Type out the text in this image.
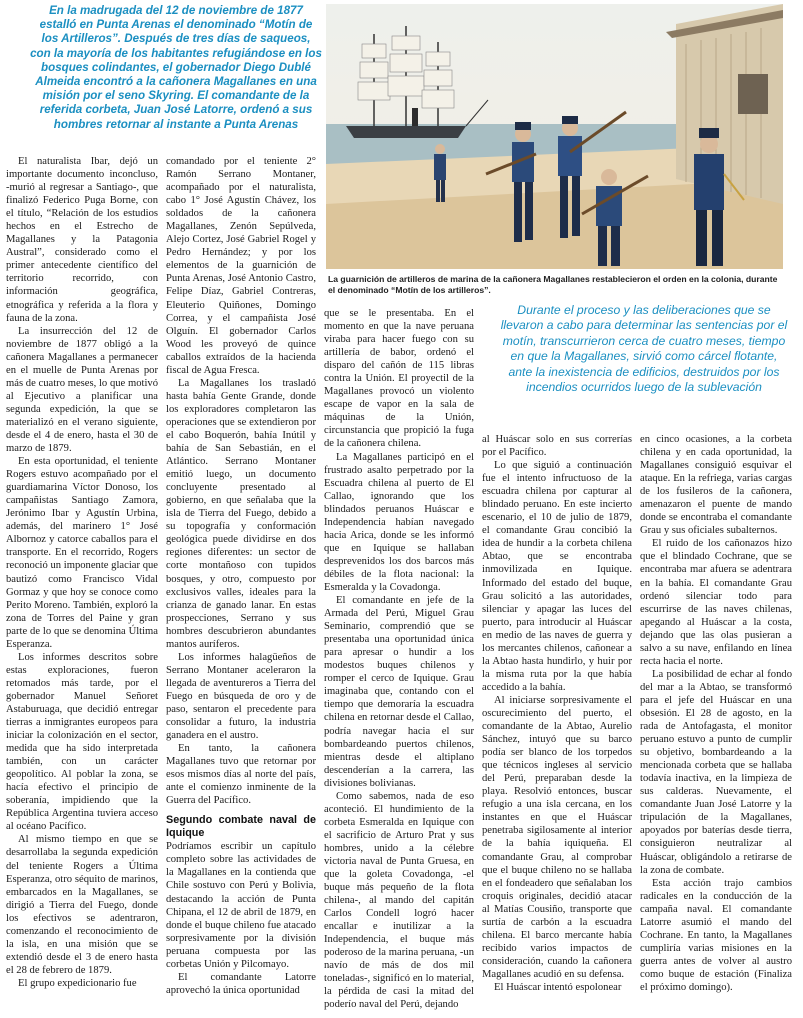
En la madrugada del 12 de noviembre de 1877 estalló en Punta Arenas el denominado “Motín de los Artilleros”. Después de tres días de saqueos, con la mayoría de los habitantes refugiándose en los bosques colindantes, el gobernador Diego Dublé Almeida encontró a la cañonera Magallanes en una misión por el seno Skyring. El comandante de la referida corbeta, Juan José Latorre, ordenó a sus hombres retornar al instante a Punta Arenas

La guarnición de artilleros de marina de la cañonera Magallanes restablecieron el orden en la colonia, durante el denominado “Motín de los artilleros”.

Durante el proceso y las deliberaciones que se llevaron a cabo para determinar las sentencias por el motín, transcurrieron cerca de cuatro meses, tiempo en que la Magallanes, sirvió como cárcel flotante, ante la inexistencia de edificios, destruidos por los incendios ocurridos luego de la sublevación

El naturalista Ibar, dejó un importante documento inconcluso, -murió al regresar a Santiago-, que finalizó Federico Puga Borne, con el título, “Relación de los estudios hechos en el Estrecho de Magallanes y la Patagonia Austral”, considerado como el primer antecedente científico del territorio recorrido, con información geográfica, etnográfica y referida a la flora y fauna de la zona.

La insurrección del 12 de noviembre de 1877 obligó a la cañonera Magallanes a permanecer en el muelle de Punta Arenas por más de cuatro meses, lo que motivó al Ejecutivo a planificar una segunda expedición, la que se materializó en el verano siguiente, desde el 4 de enero, hasta el 30 de marzo de 1879.

En esta oportunidad, el teniente Rogers estuvo acompañado por el guardiamarina Víctor Donoso, los campañistas Santiago Zamora, Jerónimo Ibar y Agustín Urbina, además, del marinero 1° José Albornoz y catorce caballos para el transporte. En el recorrido, Rogers reconoció un imponente glaciar que bautizó como Francisco Vidal Gormaz y que hoy se conoce como Perito Moreno. También, exploró la zona de Torres del Paine y gran parte de lo que se denomina Última Esperanza.

Los informes descritos sobre estas exploraciones, fueron retomados más tarde, por el gobernador Manuel Señoret Astaburuaga, que decidió entregar tierras a inmigrantes europeos para iniciar la colonización en el sector, medida que ha sido interpretada también, con un carácter geopolítico. Al poblar la zona, se hacía efectivo el principio de soberanía, impidiendo que la República Argentina tuviera acceso al océano Pacífico.

Al mismo tiempo en que se desarrollaba la segunda expedición del teniente Rogers a Última Esperanza, otro séquito de marinos, embarcados en la Magallanes, se dirigió a Tierra del Fuego, donde los efectivos se adentraron, comenzando el reconocimiento de la isla, en una misión que se extendió desde el 3 de enero hasta el 28 de febrero de 1879.

El grupo expedicionario fue

comandado por el teniente 2° Ramón Serrano Montaner, acompañado por el naturalista, cabo 1° José Agustín Chávez, los soldados de la cañonera Magallanes, Zenón Sepúlveda, Alejo Cortez, José Gabriel Rogel y Pedro Hernández; y por los elementos de la guarnición de Punta Arenas, José Antonio Castro, Felipe Díaz, Gabriel Contreras, Eleuterio Quiñones, Domingo Correa, y el campañista José Olguín. El gobernador Carlos Wood les proveyó de quince caballos extraídos de la hacienda fiscal de Agua Fresca.

La Magallanes los trasladó hasta bahía Gente Grande, donde los exploradores completaron las operaciones que se extendieron por el cabo Boquerón, bahía Inútil y bahía de San Sebastián, en el Atlántico. Serrano Montaner emitió luego, un documento concluyente presentado al gobierno, en que señalaba que la isla de Tierra del Fuego, debido a su topografía y conformación geológica puede dividirse en dos regiones diferentes: un sector de corte montañoso con tupidos bosques, y otro, compuesto por exclusivos valles, ideales para la crianza de ganado lanar. En estas prospecciones, Serrano y sus hombres descubrieron abundantes mantos auríferos.

Los informes halagüeños de Serrano Montaner aceleraron la llegada de aventureros a Tierra del Fuego en búsqueda de oro y de paso, sentaron el precedente para consolidar a futuro, la industria ganadera en el austro.

En tanto, la cañonera Magallanes tuvo que retornar por esos mismos días al norte del país, ante el comienzo inminente de la Guerra del Pacífico.

Segundo combate naval de Iquique

Podríamos escribir un capítulo completo sobre las actividades de la Magallanes en la contienda que Chile sostuvo con Perú y Bolivia, destacando la acción de Punta Chipana, el 12 de abril de 1879, en donde el buque chileno fue atacado sorpresivamente por la división peruana compuesta por las corbetas Unión y Pilcomayo.

El comandante Latorre aprovechó la única oportunidad

que se le presentaba. En el momento en que la nave peruana viraba para hacer fuego con su artillería de babor, ordenó el disparo del cañón de 115 libras contra la Unión. El proyectil de la Magallanes provocó un violento escape de vapor en la sala de máquinas de la Unión, circunstancia que propició la fuga de la cañonera chilena.

La Magallanes participó en el frustrado asalto perpetrado por la Escuadra chilena al puerto de El Callao, ignorando que los blindados peruanos Huáscar e Independencia habían navegado hacia Arica, donde se les informó que en Iquique se hallaban desprevenidos los dos barcos más débiles de la flota nacional: la Esmeralda y la Covadonga.

El comandante en jefe de la Armada del Perú, Miguel Grau Seminario, comprendió que se presentaba una oportunidad única para apresar o hundir a los modestos buques chilenos y romper el cerco de Iquique. Grau imaginaba que, contando con el tiempo que demoraría la escuadra chilena en retornar desde el Callao, podría navegar hacia el sur bombardeando puertos chilenos, mientras desde el altiplano descenderían a la carrera, las divisiones bolivianas.

Como sabemos, nada de eso aconteció. El hundimiento de la corbeta Esmeralda en Iquique con el sacrificio de Arturo Prat y sus hombres, unido a la célebre victoria naval de Punta Gruesa, en que la goleta Covadonga, -el buque más pequeño de la flota chilena-, al mando del capitán Carlos Condell logró hacer encallar e inutilizar a la Independencia, el buque más poderoso de la marina peruana, -un navío de más de dos mil toneladas-, significó en lo material, la pérdida de casi la mitad del poderío naval del Perú, dejando

al Huáscar solo en sus correrías por el Pacífico.

Lo que siguió a continuación fue el intento infructuoso de la escuadra chilena por capturar al blindado peruano. En este incierto escenario, el 10 de julio de 1879, el comandante Grau concibió la idea de hundir a la corbeta chilena Abtao, que se encontraba inmovilizada en Iquique. Informado del estado del buque, Grau solicitó a las autoridades, silenciar y apagar las luces del puerto, para introducir al Huáscar en medio de las naves de guerra y los mercantes chilenos, cañonear a la Abtao hasta hundirlo, y huir por la misma ruta por la que había accedido a la bahía.

Al iniciarse sorpresivamente el oscurecimiento del puerto, el comandante de la Abtao, Aurelio Sánchez, intuyó que su barco podía ser blanco de los torpedos que técnicos ingleses al servicio del Perú, preparaban desde la playa. Resolvió entonces, buscar refugio a una isla cercana, en los instantes en que el Huáscar penetraba sigilosamente al interior de la bahía iquiqueña. El comandante Grau, al comprobar que el buque chileno no se hallaba en el fondeadero que señalaban los croquis originales, decidió atacar al Matías Cousiño, transporte que surtía de carbón a la escuadra chilena. El barco mercante había recibido varios impactos de consideración, cuando la cañonera Magallanes acudió en su defensa.

El Huáscar intentó espolonear

en cinco ocasiones, a la corbeta chilena y en cada oportunidad, la Magallanes consiguió esquivar el ataque. En la refriega, varias cargas de los fusileros de la cañonera, amenazaron el puente de mando donde se encontraba el comandante Grau y sus oficiales subalternos.

El ruido de los cañonazos hizo que el blindado Cochrane, que se encontraba mar afuera se adentrara en la bahía. El comandante Grau ordenó silenciar todo para escurrirse de las naves chilenas, apegando al Huáscar a la costa, dejando que las olas pusieran a salvo a su nave, enfilando en línea recta hacia el norte.

La posibilidad de echar al fondo del mar a la Abtao, se transformó para el jefe del Huáscar en una obsesión. El 28 de agosto, en la rada de Antofagasta, el monitor peruano estuvo a punto de cumplir su objetivo, bombardeando a la mencionada corbeta que se hallaba todavía inactiva, en la limpieza de sus calderas. Nuevamente, el comandante Juan José Latorre y la tripulación de la Magallanes, apoyados por baterías desde tierra, consiguieron neutralizar al Huáscar, obligándolo a retirarse de la zona de combate.

Esta acción trajo cambios radicales en la conducción de la campaña naval. El comandante Latorre asumió el mando del Cochrane. En tanto, la Magallanes cumpliría varias misiones en la guerra antes de volver al austro como buque de estación (Finaliza el próximo domingo).
